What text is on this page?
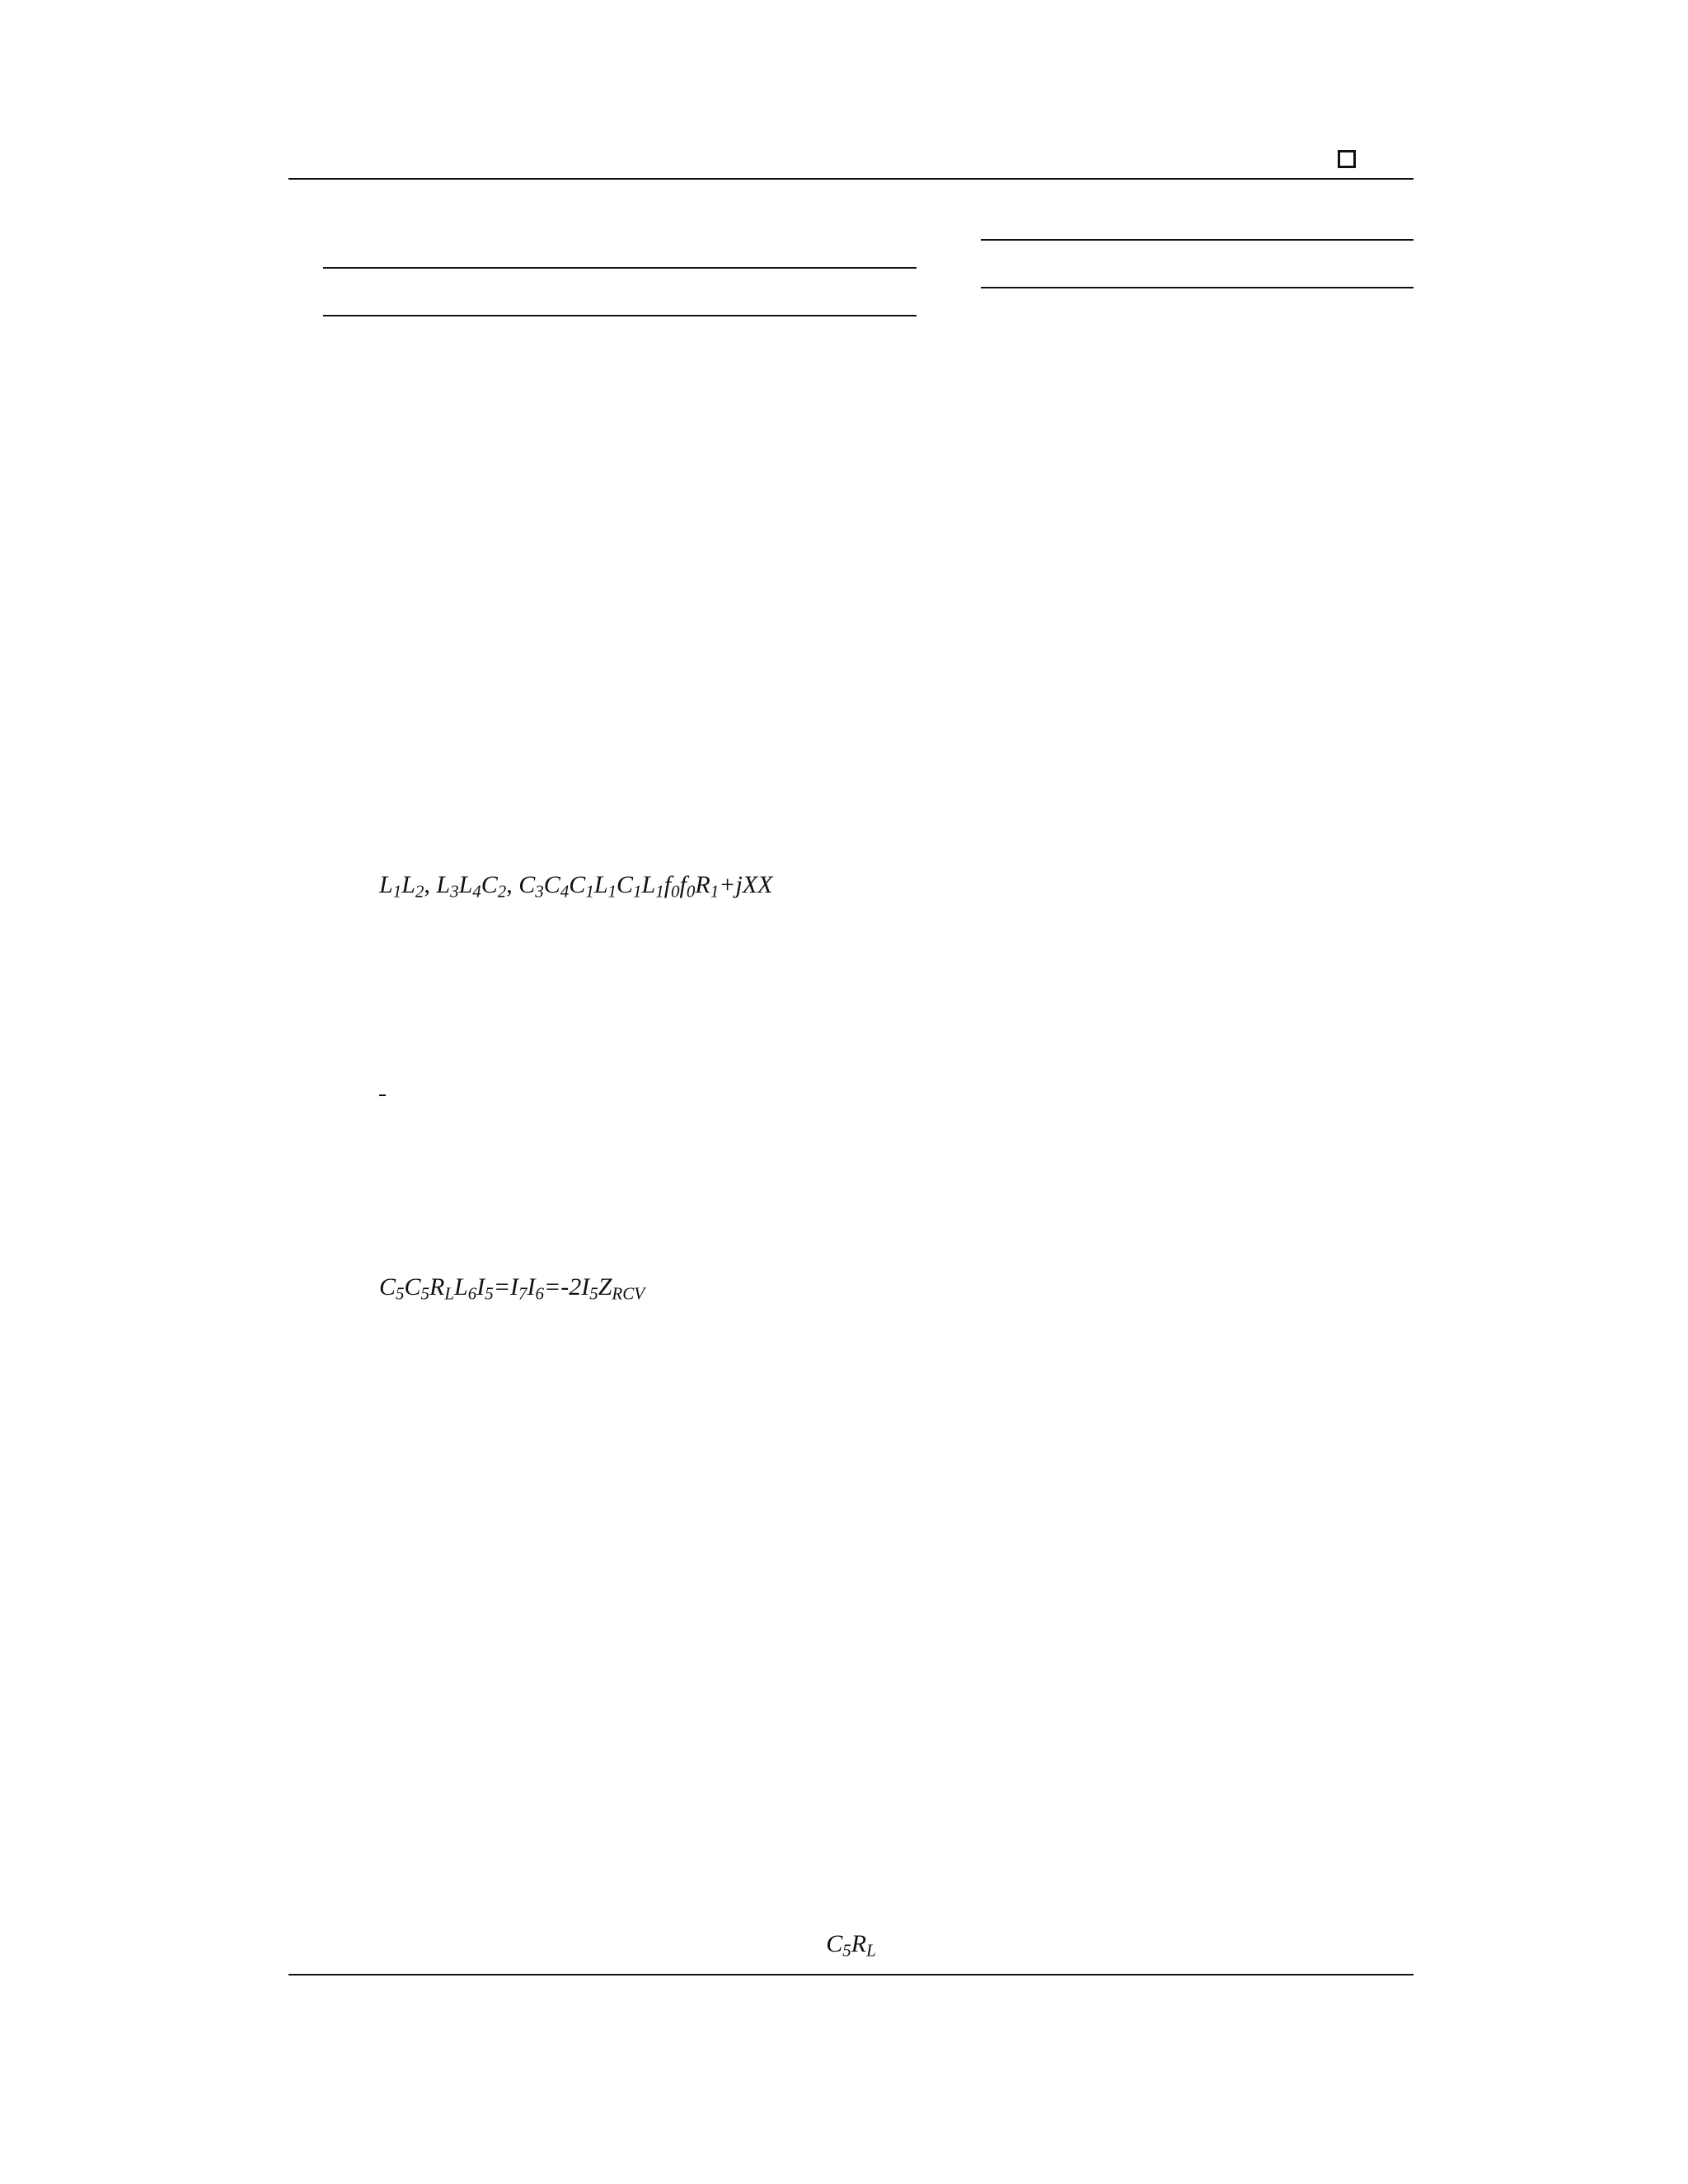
$L_1L_2$, $L_3L_4C_2$, $C_3C_4C_1L_1C_1L_1f_0f_0R_1+jXX$
$C_5C_5R_LL_6I_5=I_7I_6=-2I_5Z_{RCV}$
$C_5R_L$
